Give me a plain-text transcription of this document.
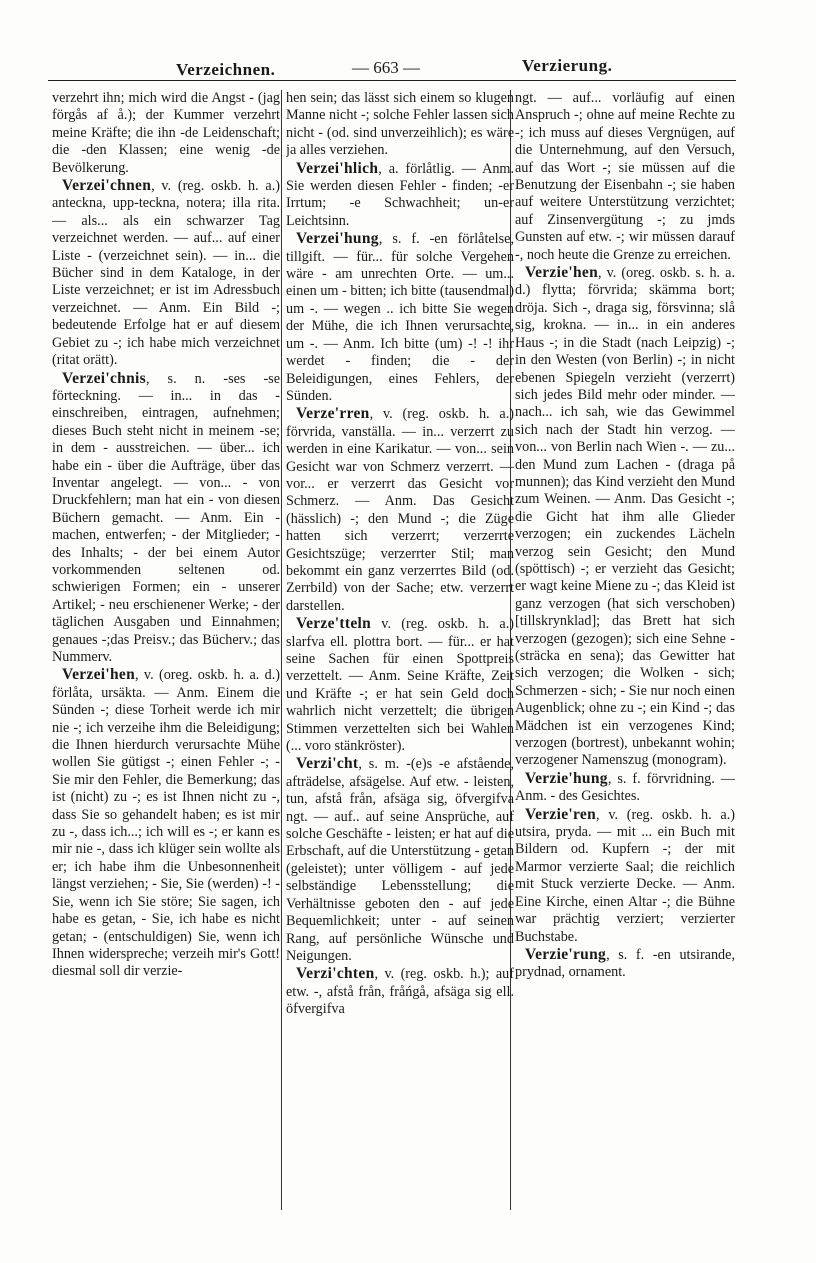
Verzeichnen.	— 663 —	Verzierung.

verzehrt ihn; mich wird die Angst - (jag förgås af å.); der Kummer verzehrt meine Kräfte; die ihn -de Leidenschaft; die -den Klassen; eine wenig -de Bevölkerung.

Verzei'chnen, v. (reg. oskb. h. a.) anteckna, upp-teckna, notera; illa rita. — als... als ein schwarzer Tag verzeichnet werden. — auf... auf einer Liste - (verzeichnet sein). — in... die Bücher sind in dem Kataloge, in der Liste verzeichnet; er ist im Adressbuch verzeichnet. — Anm. Ein Bild -; bedeutende Erfolge hat er auf diesem Gebiet zu -; ich habe mich verzeichnet (ritat orätt).

Verzei'chnis, s. n. -ses -se förteckning. — in... in das - einschreiben, eintragen, aufnehmen; dieses Buch steht nicht in meinem -se; in dem - ausstreichen. — über... ich habe ein - über die Aufträge, über das Inventar angelegt. — von... - von Druckfehlern; man hat ein - von diesen Büchern gemacht. — Anm. Ein - machen, entwerfen; - der Mitglieder; - des Inhalts; - der bei einem Autor vorkommenden seltenen od. schwierigen Formen; ein - unserer Artikel; - neu erschienener Werke; - der täglichen Ausgaben und Einnahmen; genaues -;das Preisv.; das Bücherv.; das Nummerv.

Verzei'hen, v. (oreg. oskb. h. a. d.) förlåta, ursäkta. — Anm. Einem die Sünden -; diese Torheit werde ich mir nie -; ich verzeihe ihm die Beleidigung; die Ihnen hierdurch verursachte Mühe wollen Sie gütigst -; einen Fehler -; - Sie mir den Fehler, die Bemerkung; das ist (nicht) zu -; es ist Ihnen nicht zu -, dass Sie so gehandelt haben; es ist mir zu -, dass ich...; ich will es -; er kann es mir nie -, dass ich klüger sein wollte als er; ich habe ihm die Unbesonnenheit längst verziehen; - Sie, Sie (werden) -! - Sie, wenn ich Sie störe; Sie sagen, ich habe es getan, - Sie, ich habe es nicht getan; - (entschuldigen) Sie, wenn ich Ihnen widerspreche; verzeih mir's Gott! diesmal soll dir verzie-

hen sein; das lässt sich einem so klugen Manne nicht -; solche Fehler lassen sich nicht - (od. sind unverzeihlich); es wäre ja alles verziehen.

Verzei'hlich, a. förlåtlig. — Anm. Sie werden diesen Fehler - finden; -er Irrtum; -e Schwachheit; un-er Leichtsinn.

Verzei'hung, s. f. -en förlåtelse, tillgift. — für... für solche Vergehen wäre - am unrechten Orte. — um... einen um - bitten; ich bitte (tausendmal) um -. — wegen .. ich bitte Sie wegen der Mühe, die ich Ihnen verursachte, um -. — Anm. Ich bitte (um) -! -! ihr werdet - finden; die - der Beleidigungen, eines Fehlers, der Sünden.

Verze'rren, v. (reg. oskb. h. a.) förvrida, vanställa. — in... verzerrt zu werden in eine Karikatur. — von... sein Gesicht war von Schmerz verzerrt. — vor... er verzerrt das Gesicht vor Schmerz. — Anm. Das Gesicht (hässlich) -; den Mund -; die Züge hatten sich verzerrt; verzerrte Gesichtszüge; verzerrter Stil; man bekommt ein ganz verzerrtes Bild (od. Zerrbild) von der Sache; etw. verzerrt darstellen.

Verze'tteln v. (reg. oskb. h. a.) slarfva ell. plottra bort. — für... er hat seine Sachen für einen Spottpreis verzettelt. — Anm. Seine Kräfte, Zeit und Kräfte -; er hat sein Geld doch wahrlich nicht verzettelt; die übrigen Stimmen verzettelten sich bei Wahlen (... voro stänkröster).

Verzi'cht, s. m. -(e)s -e afstående, afträdelse, afsägelse. Auf etw. - leisten, tun, afstå från, afsäga sig, öfvergifva ngt. — auf.. auf seine Ansprüche, auf solche Geschäfte - leisten; er hat auf die Erbschaft, auf die Unterstützung - getan (geleistet); unter völligem - auf jede selbständige Lebensstellung; die Verhältnisse geboten den - auf jede Bequemlichkeit; unter - auf seinen Rang, auf persönliche Wünsche und Neigungen.

Verzi'chten, v. (reg. oskb. h.); auf etw. -, afstå från, fråńgå, afsäga sig ell. öfvergifva

ngt. — auf... vorläufig auf einen Anspruch -; ohne auf meine Rechte zu -; ich muss auf dieses Vergnügen, auf die Unternehmung, auf den Versuch, auf das Wort -; sie müssen auf die Benutzung der Eisenbahn -; sie haben auf weitere Unterstützung verzichtet; auf Zinsenvergütung -; zu jmds Gunsten auf etw. -; wir müssen darauf -, noch heute die Grenze zu erreichen.

Verzie'hen, v. (oreg. oskb. s. h. a. d.) flytta; förvrida; skämma bort; dröja. Sich -, draga sig, försvinna; slå sig, krokna. — in... in ein anderes Haus -; in die Stadt (nach Leipzig) -; in den Westen (von Berlin) -; in nicht ebenen Spiegeln verzieht (verzerrt) sich jedes Bild mehr oder minder. — nach... ich sah, wie das Gewimmel sich nach der Stadt hin verzog. — von... von Berlin nach Wien -. — zu... den Mund zum Lachen - (draga på munnen); das Kind verzieht den Mund zum Weinen. — Anm. Das Gesicht -; die Gicht hat ihm alle Glieder verzogen; ein zuckendes Lächeln verzog sein Gesicht; den Mund (spöttisch) -; er verzieht das Gesicht; er wagt keine Miene zu -; das Kleid ist ganz verzogen (hat sich verschoben) [tillskrynklad]; das Brett hat sich verzogen (gezogen); sich eine Sehne - (sträcka en sena); das Gewitter hat sich verzogen; die Wolken - sich; Schmerzen - sich; - Sie nur noch einen Augenblick; ohne zu -; ein Kind -; das Mädchen ist ein verzogenes Kind; verzogen (bortrest), unbekannt wohin; verzogener Namenszug (monogram).

Verzie'hung, s. f. förvridning. — Anm. - des Gesichtes.

Verzie'ren, v. (reg. oskb. h. a.) utsira, pryda. — mit ... ein Buch mit Bildern od. Kupfern -; der mit Marmor verzierte Saal; die reichlich mit Stuck verzierte Decke. — Anm. Eine Kirche, einen Altar -; die Bühne war prächtig verziert; verzierter Buchstabe.

Verzie'rung, s. f. -en utsirande, prydnad, ornament.
